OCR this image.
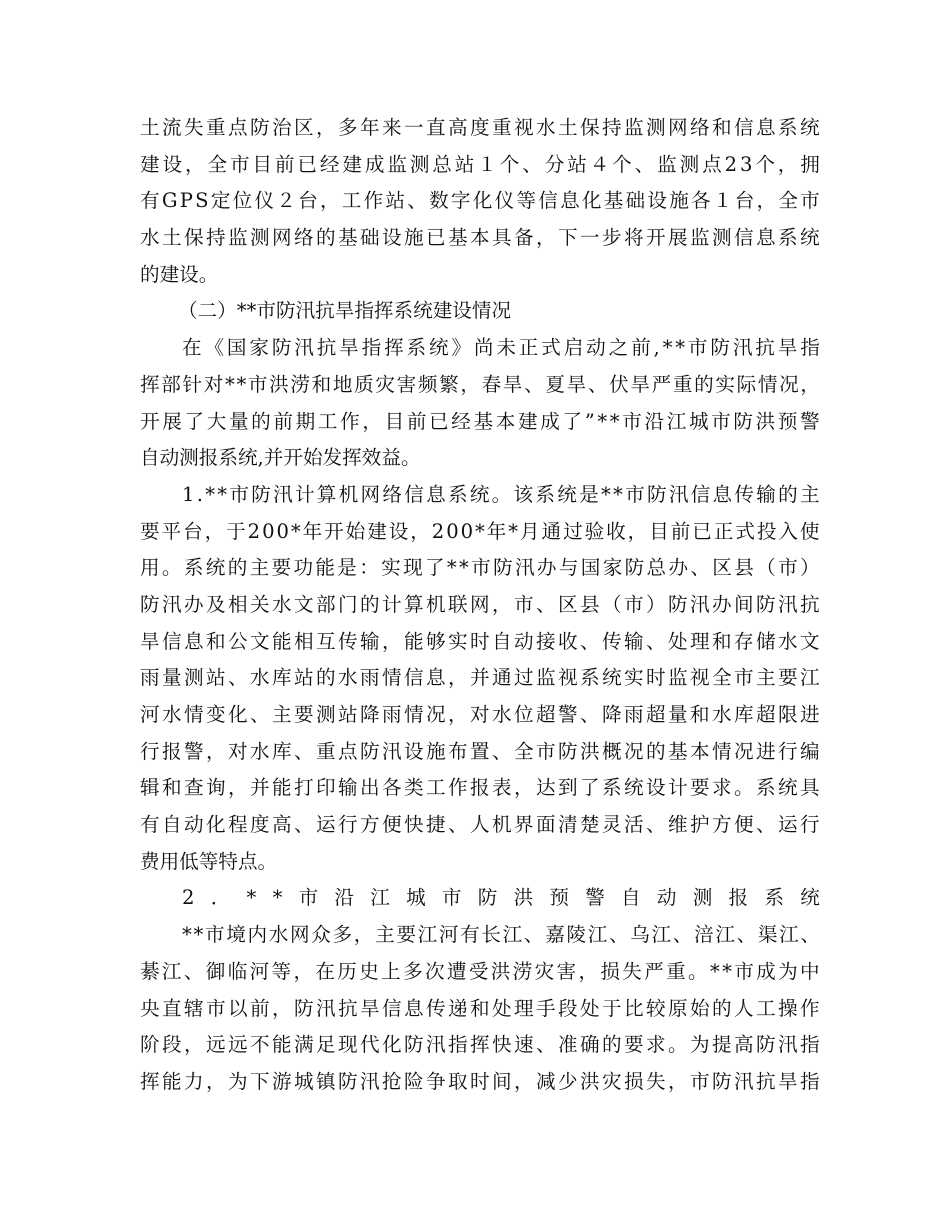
土 流 失 重 点 防 治 区 ， 多 年 来 一 直 高 度 重 视 水 土 保 持 监 测 网 络 和 信 息 系 统
建 设 ， 全 市 目 前 已 经 建 成 监 测 总 站 １ 个 、 分 站 ４ 个 、 监 测 点 2 3 个 ， 拥
有 G P S 定 位 仪 ２ 台 ， 工 作 站 、 数 字 化 仪 等 信 息 化 基 础 设 施 各 １ 台 ， 全 市
水 土 保 持 监 测 网 络 的 基 础 设 施 已 基 本 具 备 ， 下 一 步 将 开 展 监 测 信 息 系 统
的建设。
（二）**市防汛抗旱指挥系统建设情况
在 《 国 家 防 汛 抗 旱 指 挥 系 统 》 尚 未 正 式 启 动 之 前 , * * 市 防 汛 抗 旱 指
挥 部 针 对 * * 市 洪 涝 和 地 质 灾 害 频 繁 ， 春 旱 、 夏 旱 、 伏 旱 严 重 的 实 际 情 况 ，
开 展 了 大 量 的 前 期 工 作 ， 目 前 已 经 基 本 建 成 了 ” * * 市 沿 江 城 市 防 洪 预 警
自动测报系统,并开始发挥效益。
1 . * * 市 防 汛 计 算 机 网 络 信 息 系 统 。 该 系 统 是 * * 市 防 汛 信 息 传 输 的 主
要 平 台 ， 于 2 0 0 * 年 开 始 建 设 ， 2 0 0 * 年 * 月 通 过 验 收 ， 目 前 已 正 式 投 入 使
用 。 系 统 的 主 要 功 能 是 ： 实 现 了 * * 市 防 汛 办 与 国 家 防 总 办 、 区 县 （ 市 ）
防 汛 办 及 相 关 水 文 部 门 的 计 算 机 联 网 ， 市 、 区 县 （ 市 ） 防 汛 办 间 防 汛 抗
旱 信 息 和 公 文 能 相 互 传 输 ， 能 够 实 时 自 动 接 收 、 传 输 、 处 理 和 存 储 水 文
雨 量 测 站 、 水 库 站 的 水 雨 情 信 息 ， 并 通 过 监 视 系 统 实 时 监 视 全 市 主 要 江
河 水 情 变 化 、 主 要 测 站 降 雨 情 况 ， 对 水 位 超 警 、 降 雨 超 量 和 水 库 超 限 进
行 报 警 ， 对 水 库 、 重 点 防 汛 设 施 布 置 、 全 市 防 洪 概 况 的 基 本 情 况 进 行 编
辑 和 查 询 ， 并 能 打 印 输 出 各 类 工 作 报 表 ， 达 到 了 系 统 设 计 要 求 。 系 统 具
有 自 动 化 程 度 高 、 运 行 方 便 快 捷 、 人 机 界 面 清 楚 灵 活 、 维 护 方 便 、 运 行
费用低等特点。
2 ． * * 市 沿 江 城 市 防 洪 预 警 自 动 测 报 系 统
* * 市 境 内 水 网 众 多 ， 主 要 江 河 有 长 江 、 嘉 陵 江 、 乌 江 、 涪 江 、 渠 江 、
綦 江 、 御 临 河 等 ， 在 历 史 上 多 次 遭 受 洪 涝 灾 害 ， 损 失 严 重 。 * * 市 成 为 中
央 直 辖 市 以 前 ， 防 汛 抗 旱 信 息 传 递 和 处 理 手 段 处 于 比 较 原 始 的 人 工 操 作
阶 段 ， 远 远 不 能 满 足 现 代 化 防 汛 指 挥 快 速 、 准 确 的 要 求 。 为 提 高 防 汛 指
挥 能 力 ， 为 下 游 城 镇 防 汛 抢 险 争 取 时 间 ， 减 少 洪 灾 损 失 ， 市 防 汛 抗 旱 指
